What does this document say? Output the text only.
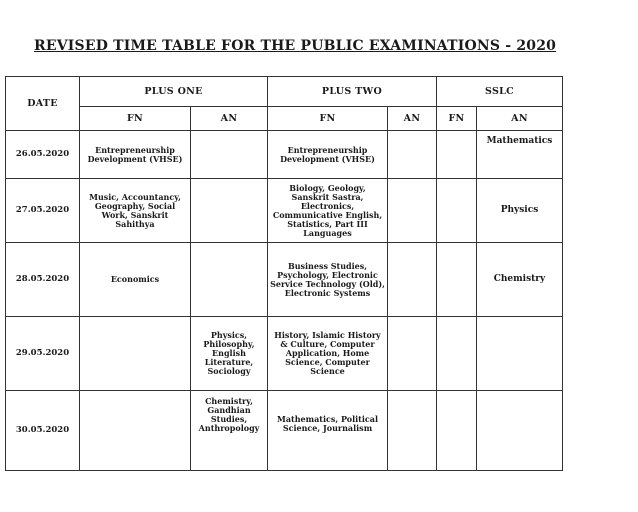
REVISED TIME TABLE FOR THE PUBLIC EXAMINATIONS - 2020
DATE	PLUS ONE		PLUS TWO		SSLC	
	FN	AN	FN	AN	FN	AN
26.05.2020	Entrepreneurship Development (VHSE)		Entrepreneurship Development (VHSE)			Mathematics
27.05.2020	Music, Accountancy, Geography, Social Work, Sanskrit Sahithya		Biology, Geology, Sanskrit Sastra, Electronics, Communicative English, Statistics, Part III Languages			Physics
28.05.2020	Economics		Business Studies, Psychology, Electronic Service Technology (Old), Electronic Systems			Chemistry
29.05.2020		Physics, Philosophy, English Literature, Sociology	History, Islamic History & Culture, Computer Application, Home Science, Computer Science			
30.05.2020		Chemistry, Gandhian Studies, Anthropology	Mathematics, Political Science, Journalism			
